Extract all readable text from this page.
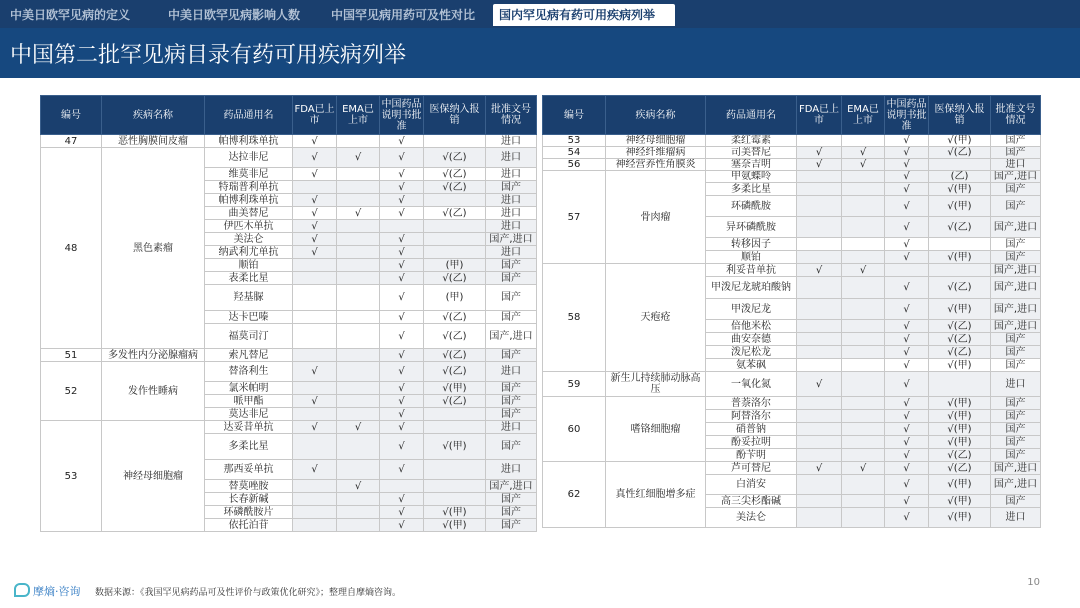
中美日欧罕见病的定义	中美日欧罕见病影响人数	中国罕见病用药可及性对比	国内罕见病有药可用疾病列举
中国第二批罕见病目录有药可用疾病列举
编号	疾病名称	药品通用名	FDA已上市	EMA已上市	中国药品说明书批准	医保纳入报销	批准文号情况
47	恶性胸膜间皮瘤	帕博利珠单抗	√		√		进口
48	黑色素瘤	达拉非尼	√	√	√	√(乙)	进口
		维莫非尼	√		√	√(乙)	进口
		特瑞普利单抗			√	√(乙)	国产
		帕博利珠单抗	√		√		进口
		曲美替尼	√	√	√	√(乙)	进口
		伊匹木单抗	√				进口
		美法仑	√		√		国产,进口
		纳武利尤单抗	√		√		进口
		顺铂			√	(甲)	国产
		表柔比星			√	√(乙)	国产
		羟基脲			√	(甲)	国产
		达卡巴嗪			√	√(乙)	国产
		福莫司汀			√	√(乙)	国产,进口
51	多发性内分泌腺瘤病	索凡替尼			√	√(乙)	国产
52	发作性睡病	替洛利生	√		√	√(乙)	进口
		氯米帕明			√	√(甲)	国产
		哌甲酯	√		√	√(乙)	国产
		莫达非尼			√		国产
53	神经母细胞瘤	达妥昔单抗	√	√	√		进口
		多柔比星			√	√(甲)	国产
		那西妥单抗	√		√		进口
		替莫唑胺		√			国产,进口
		长春新碱			√		国产
		环磷酰胺片			√	√(甲)	国产
		依托泊苷			√	√(甲)	国产
编号	疾病名称	药品通用名	FDA已上市	EMA已上市	中国药品说明书批准	医保纳入报销	批准文号情况
53	神经母细胞瘤	柔红霉素			√	√(甲)	国产
54	神经纤维瘤病	司美替尼	√	√	√	√(乙)	国产
56	神经营养性角膜炎	塞奈吉明	√	√	√		进口
57	骨肉瘤	甲氨蝶呤			√	(乙)	国产,进口
		多柔比星			√	√(甲)	国产
		环磷酰胺			√	√(甲)	国产
		异环磷酰胺			√	√(乙)	国产,进口
		转移因子			√		国产
		顺铂			√	√(甲)	国产
58	天疱疮	利妥昔单抗	√	√			国产,进口
		甲泼尼龙琥珀酸钠			√	√(乙)	国产,进口
		甲泼尼龙			√	√(甲)	国产,进口
		倍他米松			√	√(乙)	国产,进口
		曲安奈德			√	√(乙)	国产
		泼尼松龙			√	√(乙)	国产
		氨苯砜			√	√(甲)	国产
59	新生儿持续肺动脉高压	一氧化氮	√		√		进口
60	嗜铬细胞瘤	普萘洛尔			√	√(甲)	国产
		阿替洛尔			√	√(甲)	国产
		硝普钠			√	√(甲)	国产
		酚妥拉明			√	√(甲)	国产
		酚苄明			√	√(乙)	国产
62	真性红细胞增多症	芦可替尼	√	√	√	√(乙)	国产,进口
		白消安			√	√(甲)	国产,进口
		高三尖杉酯碱			√	√(甲)	国产
		美法仑			√	√(甲)	进口
摩熵·咨询 数据来源：《我国罕见病药品可及性评价与政策优化研究》；整理自摩熵咨询。
10
